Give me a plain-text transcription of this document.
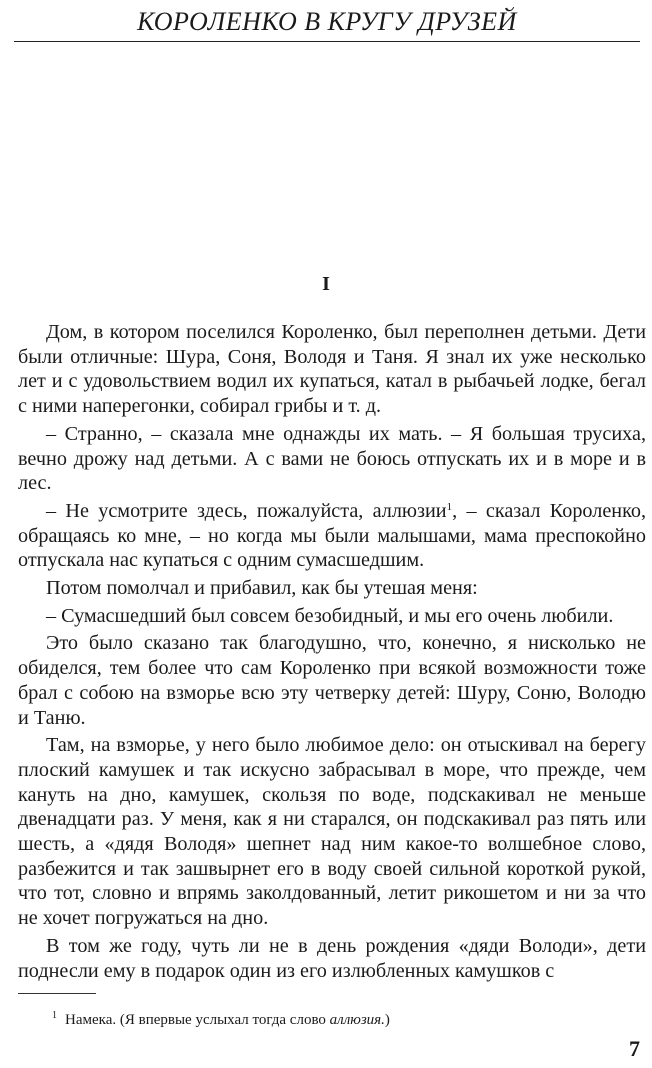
КОРОЛЕНКО В КРУГУ ДРУЗЕЙ
I

Дом, в котором поселился Короленко, был переполнен детьми. Дети были отличные: Шура, Соня, Володя и Таня. Я знал их уже несколько лет и с удовольствием водил их купаться, катал в рыбачьей лодке, бегал с ними наперегонки, собирал грибы и т. д.

– Странно, – сказала мне однажды их мать. – Я большая трусиха, вечно дрожу над детьми. А с вами не боюсь отпускать их и в море и в лес.

– Не усмотрите здесь, пожалуйста, аллюзии$^1$, – сказал Короленко, обращаясь ко мне, – но когда мы были малышами, мама преспокойно отпускала нас купаться с одним сумасшедшим.

Потом помолчал и прибавил, как бы утешая меня:

– Сумасшедший был совсем безобидный, и мы его очень любили.

Это было сказано так благодушно, что, конечно, я нисколько не обиделся, тем более что сам Короленко при всякой возможности тоже брал с собою на взморье всю эту четверку детей: Шуру, Соню, Володю и Таню.

Там, на взморье, у него было любимое дело: он отыскивал на берегу плоский камушек и так искусно забрасывал в море, что прежде, чем кануть на дно, камушек, скользя по воде, подскакивал не меньше двенадцати раз. У меня, как я ни старался, он подскакивал раз пять или шесть, а «дядя Володя» шепнет над ним какое-то волшебное слово, разбежится и так зашвырнет его в воду своей сильной короткой рукой, что тот, словно и впрямь заколдованный, летит рикошетом и ни за что не хочет погружаться на дно.

В том же году, чуть ли не в день рождения «дяди Володи», дети поднесли ему в подарок один из его излюбленных камушков с

$^1$ Намека. (Я впервые услыхал тогда слово аллюзия.)
7
